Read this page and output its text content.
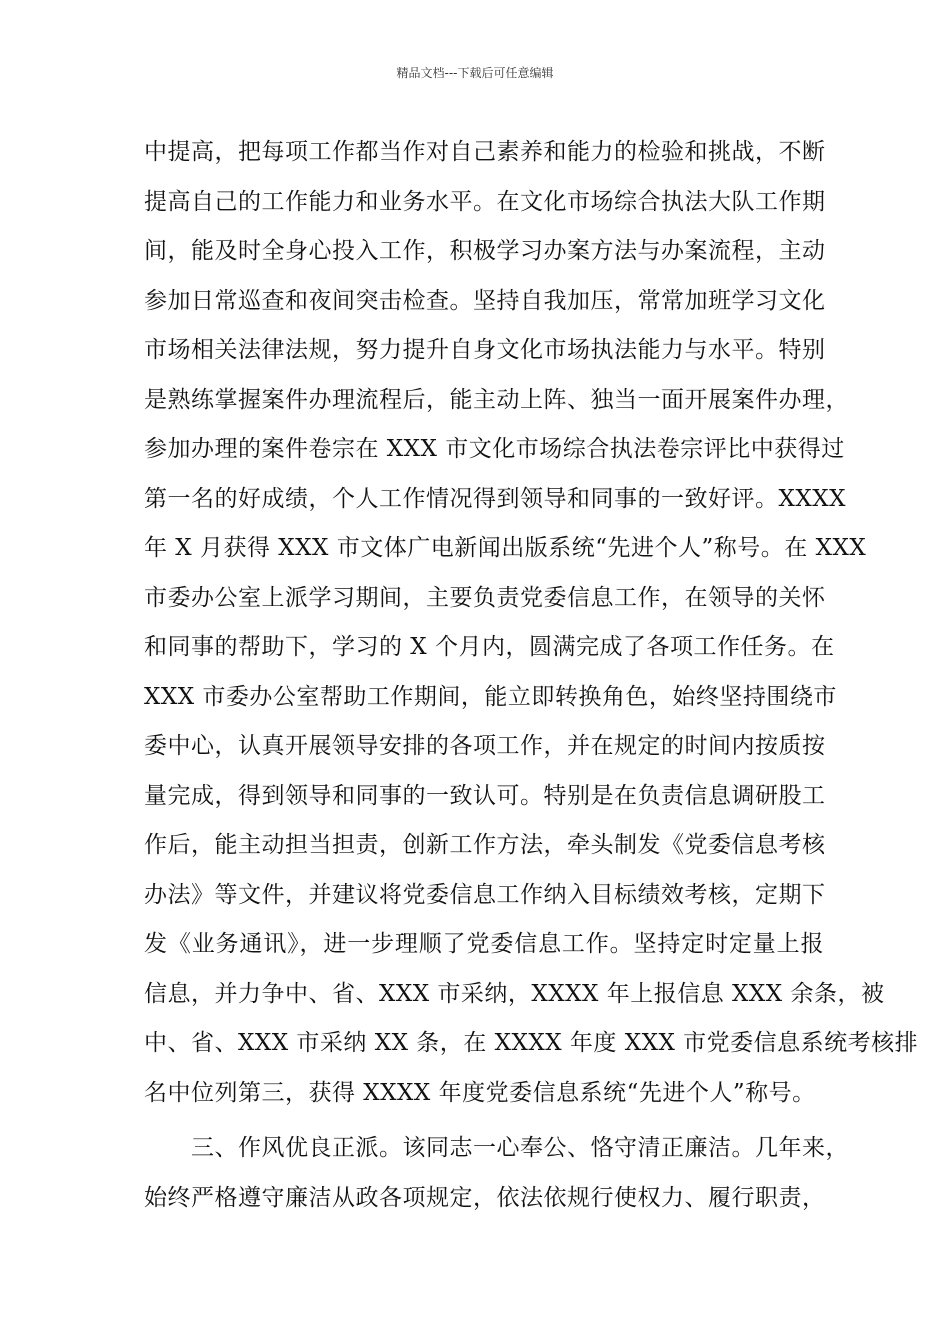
精品文档---下载后可任意编辑
中提高，把每项工作都当作对自己素养和能力的检验和挑战，不断
提高自己的工作能力和业务水平。在文化市场综合执法大队工作期
间，能及时全身心投入工作，积极学习办案方法与办案流程，主动
参加日常巡查和夜间突击检查。坚持自我加压，常常加班学习文化
市场相关法律法规，努力提升自身文化市场执法能力与水平。特别
是熟练掌握案件办理流程后，能主动上阵、独当一面开展案件办理，
参加办理的案件卷宗在 XXX 市文化市场综合执法卷宗评比中获得过
第一名的好成绩，个人工作情况得到领导和同事的一致好评。XXXX
年 X 月获得 XXX 市文体广电新闻出版系统“先进个人”称号。在 XXX
市委办公室上派学习期间，主要负责党委信息工作，在领导的关怀
和同事的帮助下，学习的 X 个月内，圆满完成了各项工作任务。在
XXX 市委办公室帮助工作期间，能立即转换角色，始终坚持围绕市
委中心，认真开展领导安排的各项工作，并在规定的时间内按质按
量完成，得到领导和同事的一致认可。特别是在负责信息调研股工
作后，能主动担当担责，创新工作方法，牵头制发《党委信息考核
办法》等文件，并建议将党委信息工作纳入目标绩效考核，定期下
发《业务通讯》，进一步理顺了党委信息工作。坚持定时定量上报
信息，并力争中、省、XXX 市采纳，XXXX 年上报信息 XXX 余条，被
中、省、XXX 市采纳 XX 条，在 XXXX 年度 XXX 市党委信息系统考核排
名中位列第三，获得 XXXX 年度党委信息系统“先进个人”称号。
　　三、作风优良正派。该同志一心奉公、恪守清正廉洁。几年来，
始终严格遵守廉洁从政各项规定，依法依规行使权力、履行职责，
